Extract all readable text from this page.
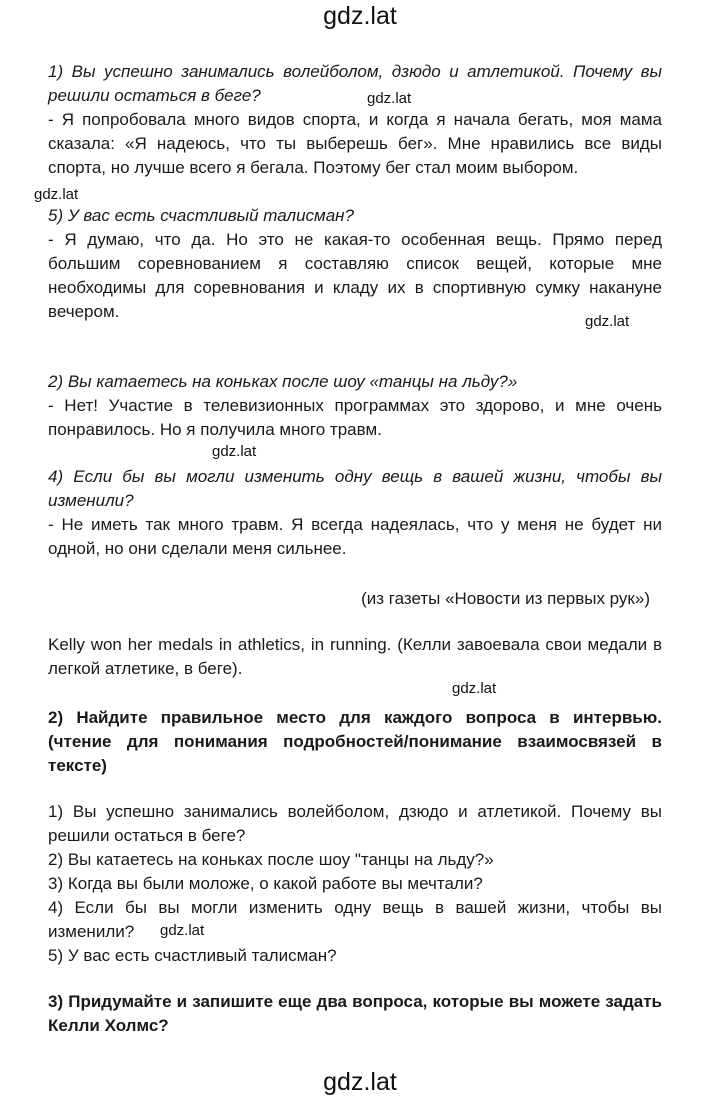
gdz.lat
1) Вы успешно занимались волейболом, дзюдо и атлетикой. Почему вы решили остаться в беге?	gdz.lat
- Я попробовала много видов спорта, и когда я начала бегать, моя мама сказала: «Я надеюсь, что ты выберешь бег». Мне нравились все виды спорта, но лучше всего я бегала. Поэтому бег стал моим выбором.
gdz.lat
5) У вас есть счастливый талисман?
- Я думаю, что да. Но это не какая-то особенная вещь. Прямо перед большим соревнованием я составляю список вещей, которые мне необходимы для соревнования и кладу их в спортивную сумку накануне вечером.
gdz.lat
2) Вы катаетесь на коньках после шоу «танцы на льду?»
- Нет! Участие в телевизионных программах это здорово, и мне очень понравилось. Но я получила много травм.
gdz.lat
4) Если бы вы могли изменить одну вещь в вашей жизни, чтобы вы изменили?
- Не иметь так много травм. Я всегда надеялась, что у меня не будет ни одной, но они сделали меня сильнее.
(из газеты «Новости из первых рук»)
Kelly won her medals in athletics, in running. (Келли завоевала свои медали в легкой атлетике, в беге).
gdz.lat
2) Найдите правильное место для каждого вопроса в интервью. (чтение для понимания подробностей/понимание взаимосвязей в тексте)
1) Вы успешно занимались волейболом, дзюдо и атлетикой. Почему вы решили остаться в беге?
2) Вы катаетесь на коньках после шоу "танцы на льду?»
3) Когда вы были моложе, о какой работе вы мечтали?
4) Если бы вы могли изменить одну вещь в вашей жизни, чтобы вы изменили?	gdz.lat
5) У вас есть счастливый талисман?
3) Придумайте и запишите еще два вопроса, которые вы можете задать Келли Холмс?
gdz.lat
